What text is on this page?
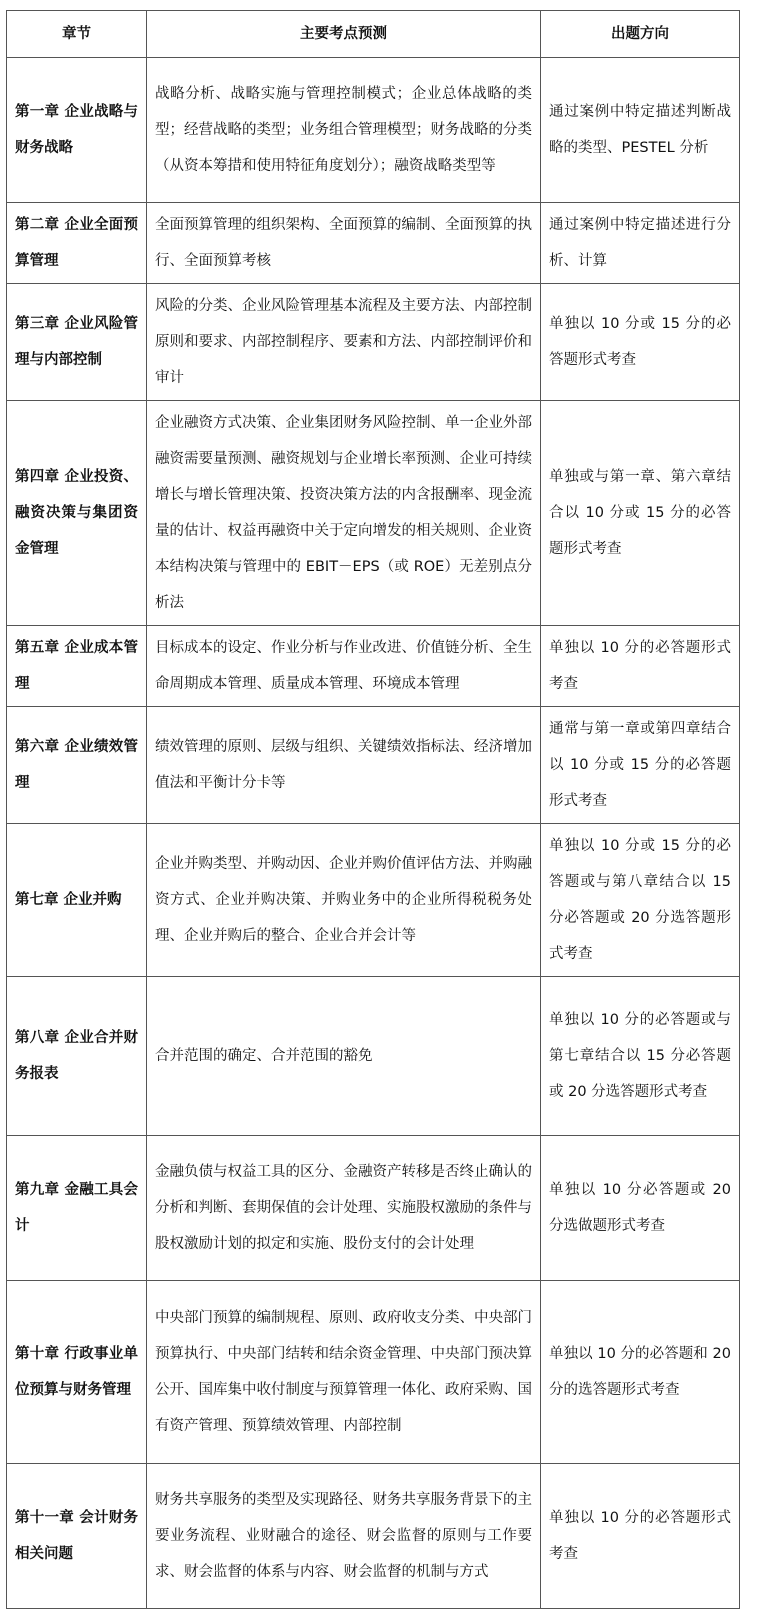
章节	主要考点预测	出题方向
第一章 企业战略与财务战略	战略分析、战略实施与管理控制模式；企业总体战略的类型；经营战略的类型；业务组合管理模型；财务战略的分类（从资本筹措和使用特征角度划分）；融资战略类型等	通过案例中特定描述判断战略的类型、PESTEL 分析
第二章 企业全面预算管理	全面预算管理的组织架构、全面预算的编制、全面预算的执行、全面预算考核	通过案例中特定描述进行分析、计算
第三章 企业风险管理与内部控制	风险的分类、企业风险管理基本流程及主要方法、内部控制原则和要求、内部控制程序、要素和方法、内部控制评价和审计	单独以 10 分或 15 分的必答题形式考查
第四章 企业投资、融资决策与集团资金管理	企业融资方式决策、企业集团财务风险控制、单一企业外部融资需要量预测、融资规划与企业增长率预测、企业可持续增长与增长管理决策、投资决策方法的内含报酬率、现金流量的估计、权益再融资中关于定向增发的相关规则、企业资本结构决策与管理中的 EBIT－EPS（或 ROE）无差别点分析法	单独或与第一章、第六章结合以 10 分或 15 分的必答题形式考查
第五章 企业成本管理	目标成本的设定、作业分析与作业改进、价值链分析、全生命周期成本管理、质量成本管理、环境成本管理	单独以 10 分的必答题形式考查
第六章 企业绩效管理	绩效管理的原则、层级与组织、关键绩效指标法、经济增加值法和平衡计分卡等	通常与第一章或第四章结合以 10 分或 15 分的必答题形式考查
第七章 企业并购	企业并购类型、并购动因、企业并购价值评估方法、并购融资方式、企业并购决策、并购业务中的企业所得税税务处理、企业并购后的整合、企业合并会计等	单独以 10 分或 15 分的必答题或与第八章结合以 15 分必答题或 20 分选答题形式考查
第八章 企业合并财务报表	合并范围的确定、合并范围的豁免	单独以 10 分的必答题或与第七章结合以 15 分必答题或 20 分选答题形式考查
第九章 金融工具会计	金融负债与权益工具的区分、金融资产转移是否终止确认的分析和判断、套期保值的会计处理、实施股权激励的条件与股权激励计划的拟定和实施、股份支付的会计处理	单独以 10 分必答题或 20 分选做题形式考查
第十章 行政事业单位预算与财务管理	中央部门预算的编制规程、原则、政府收支分类、中央部门预算执行、中央部门结转和结余资金管理、中央部门预决算公开、国库集中收付制度与预算管理一体化、政府采购、国有资产管理、预算绩效管理、内部控制	单独以 10 分的必答题和 20 分的选答题形式考查
第十一章 会计财务相关问题	财务共享服务的类型及实现路径、财务共享服务背景下的主要业务流程、业财融合的途径、财会监督的原则与工作要求、财会监督的体系与内容、财会监督的机制与方式	单独以 10 分的必答题形式考查
